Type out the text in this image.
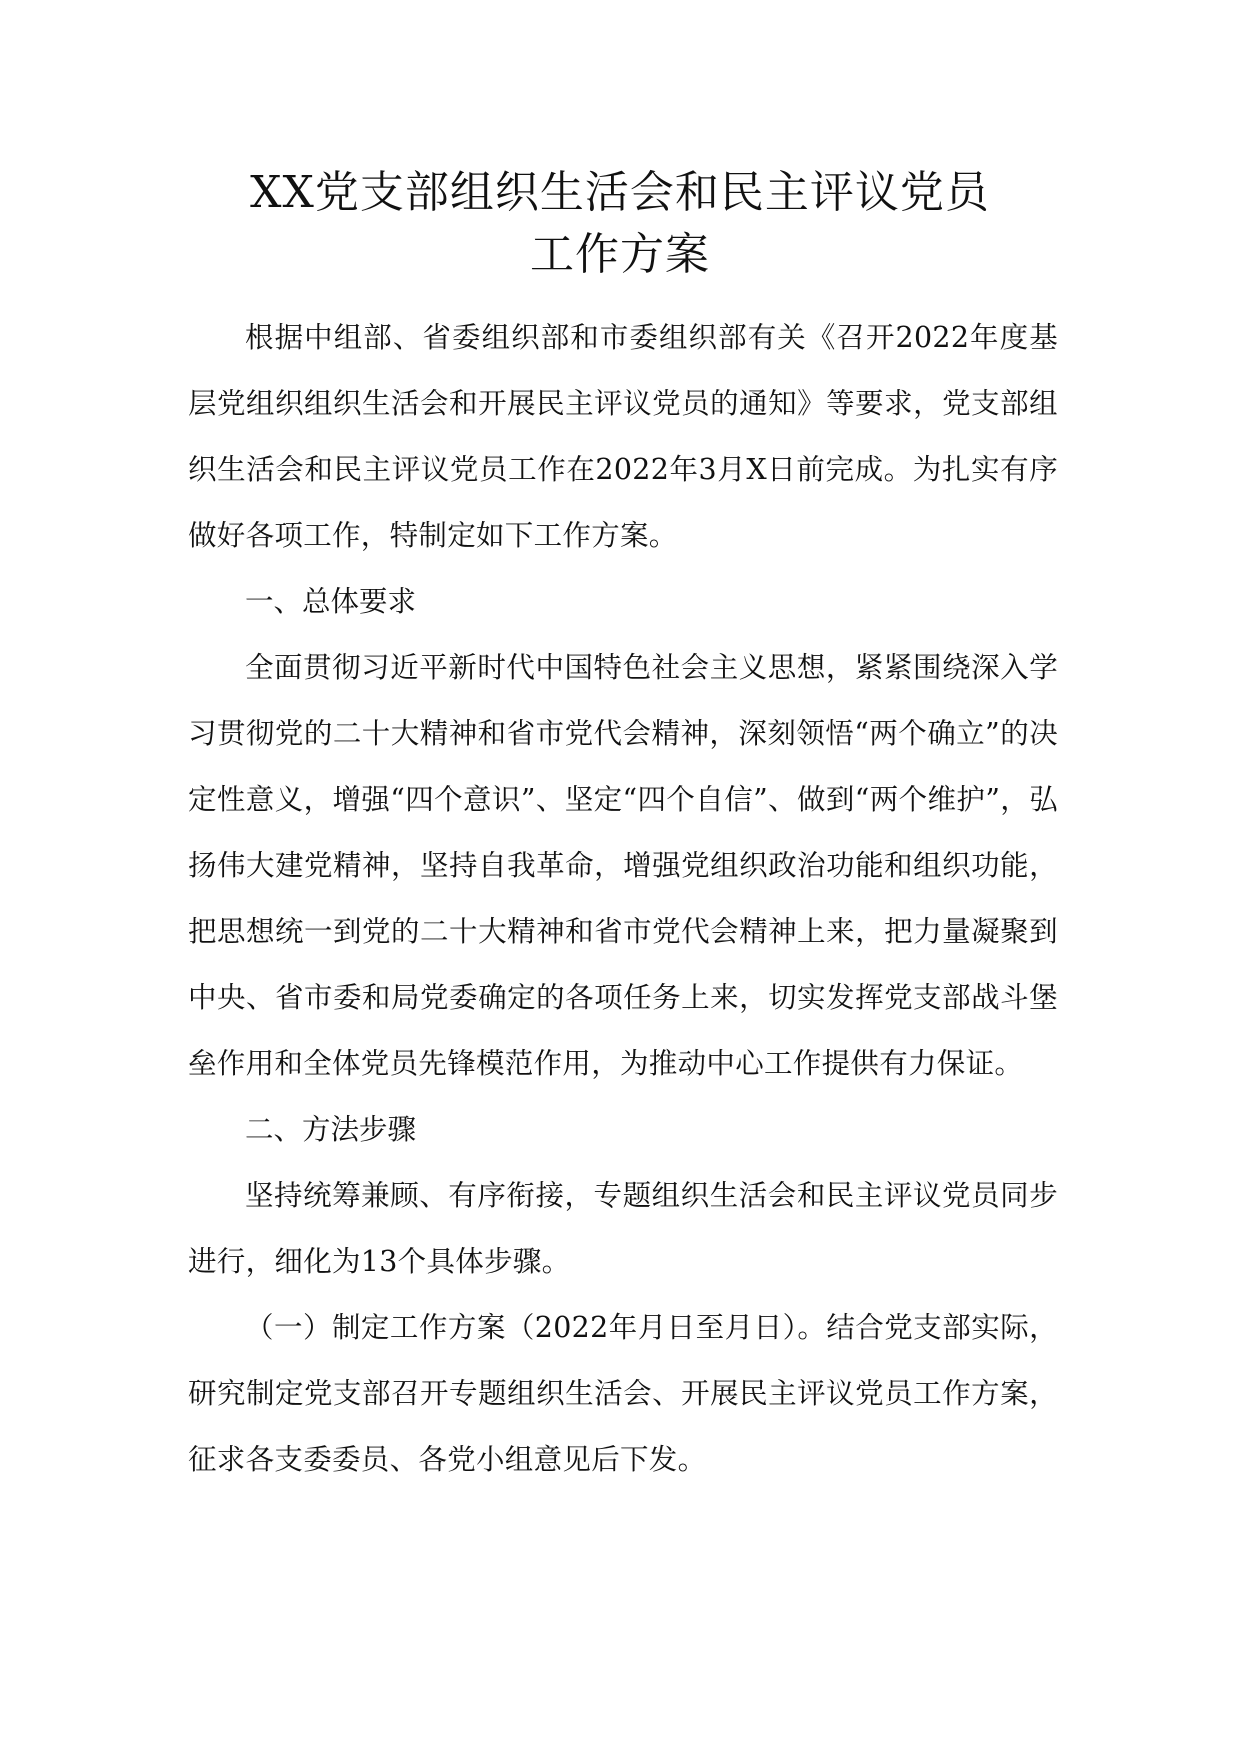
XX党支部组织生活会和民主评议党员
工作方案

根据中组部、省委组织部和市委组织部有关《召开2022年度基层党组织组织生活会和开展民主评议党员的通知》等要求，党支部组织生活会和民主评议党员工作在2022年3月X日前完成。为扎实有序做好各项工作，特制定如下工作方案。

一、总体要求

全面贯彻习近平新时代中国特色社会主义思想，紧紧围绕深入学习贯彻党的二十大精神和省市党代会精神，深刻领悟“两个确立”的决定性意义，增强“四个意识”、坚定“四个自信”、做到“两个维护”，弘扬伟大建党精神，坚持自我革命，增强党组织政治功能和组织功能，把思想统一到党的二十大精神和省市党代会精神上来，把力量凝聚到中央、省市委和局党委确定的各项任务上来，切实发挥党支部战斗堡垒作用和全体党员先锋模范作用，为推动中心工作提供有力保证。

二、方法步骤

坚持统筹兼顾、有序衔接，专题组织生活会和民主评议党员同步进行，细化为13个具体步骤。

（一）制定工作方案（2022年月日至月日）。结合党支部实际，研究制定党支部召开专题组织生活会、开展民主评议党员工作方案，征求各支委委员、各党小组意见后下发。
